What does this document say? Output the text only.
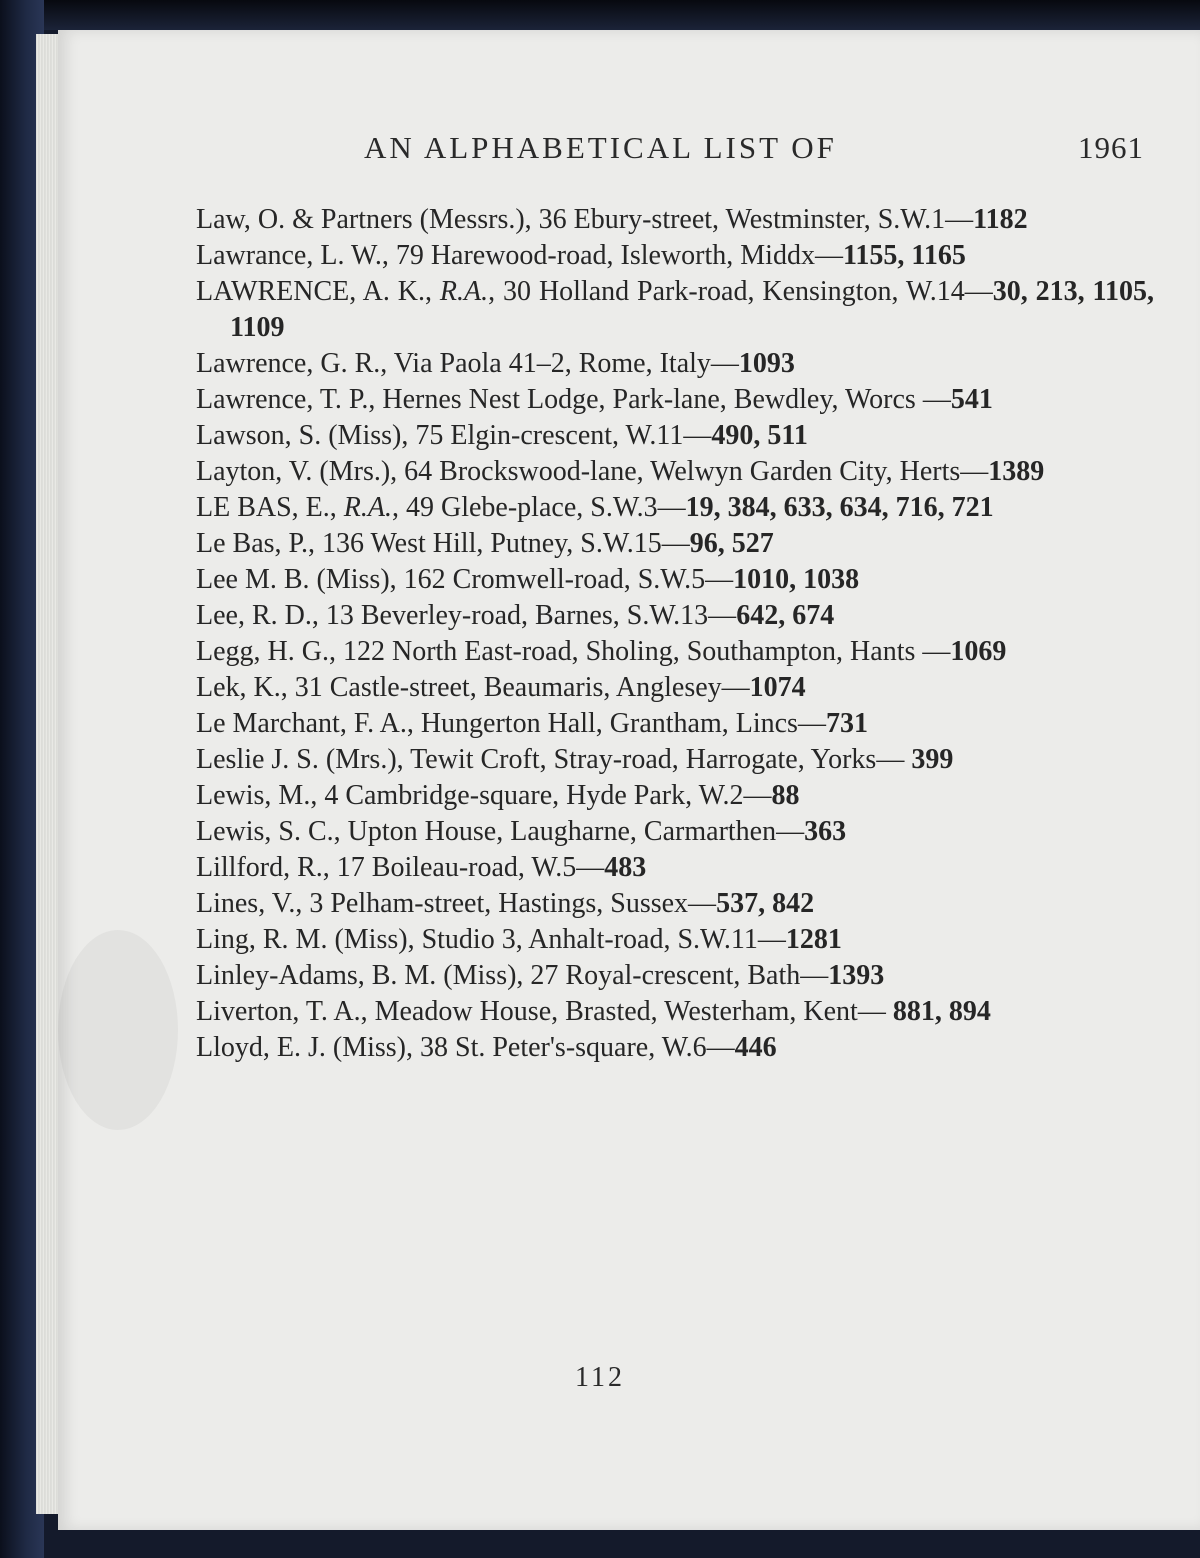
AN ALPHABETICAL LIST OF	1961
Law, O. & Partners (Messrs.), 36 Ebury-street, Westminster, S.W.1—1182
Lawrance, L. W., 79 Harewood-road, Isleworth, Middx—1155, 1165
LAWRENCE, A. K., R.A., 30 Holland Park-road, Kensington, W.14—30, 213, 1105, 1109
Lawrence, G. R., Via Paola 41–2, Rome, Italy—1093
Lawrence, T. P., Hernes Nest Lodge, Park-lane, Bewdley, Worcs —541
Lawson, S. (Miss), 75 Elgin-crescent, W.11—490, 511
Layton, V. (Mrs.), 64 Brockswood-lane, Welwyn Garden City, Herts—1389
LE BAS, E., R.A., 49 Glebe-place, S.W.3—19, 384, 633, 634, 716, 721
Le Bas, P., 136 West Hill, Putney, S.W.15—96, 527
Lee M. B. (Miss), 162 Cromwell-road, S.W.5—1010, 1038
Lee, R. D., 13 Beverley-road, Barnes, S.W.13—642, 674
Legg, H. G., 122 North East-road, Sholing, Southampton, Hants —1069
Lek, K., 31 Castle-street, Beaumaris, Anglesey—1074
Le Marchant, F. A., Hungerton Hall, Grantham, Lincs—731
Leslie J. S. (Mrs.), Tewit Croft, Stray-road, Harrogate, Yorks— 399
Lewis, M., 4 Cambridge-square, Hyde Park, W.2—88
Lewis, S. C., Upton House, Laugharne, Carmarthen—363
Lillford, R., 17 Boileau-road, W.5—483
Lines, V., 3 Pelham-street, Hastings, Sussex—537, 842
Ling, R. M. (Miss), Studio 3, Anhalt-road, S.W.11—1281
Linley-Adams, B. M. (Miss), 27 Royal-crescent, Bath—1393
Liverton, T. A., Meadow House, Brasted, Westerham, Kent— 881, 894
Lloyd, E. J. (Miss), 38 St. Peter's-square, W.6—446
112
